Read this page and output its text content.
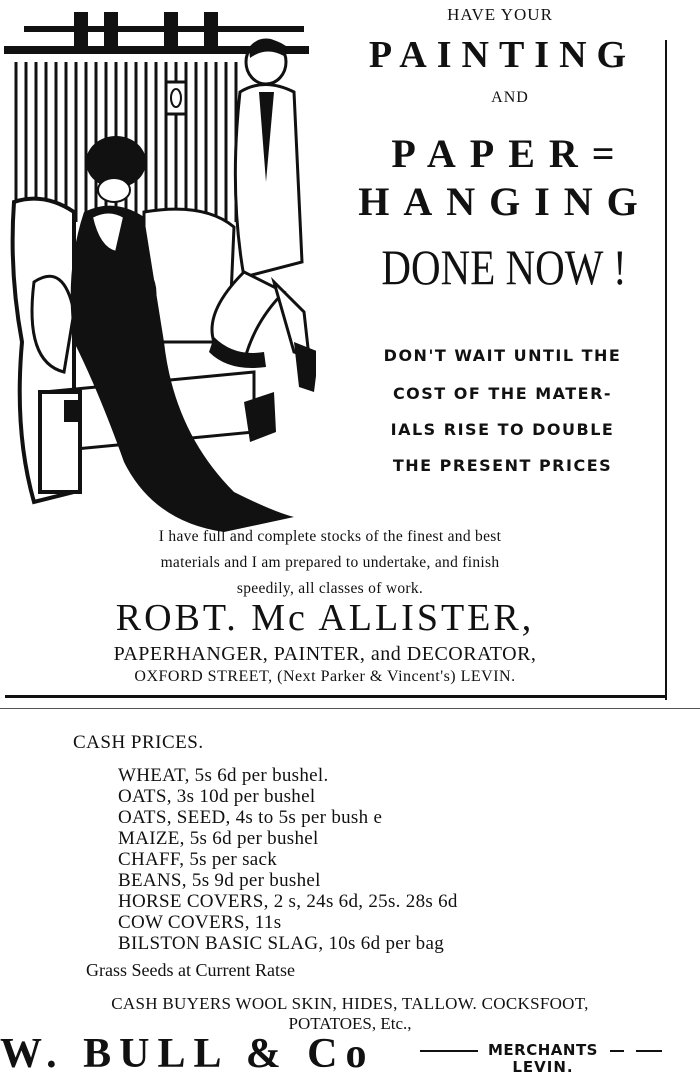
HAVE YOUR
PAINTING
AND
PAPER=
HANGING
DONE NOW !
DON'T WAIT UNTIL THE
COST OF THE MATER-
IALS RISE TO DOUBLE
THE PRESENT PRICES
I have full and complete stocks of the finest and best
materials and I am prepared to undertake, and finish
speedily, all classes of work.
ROBT. Mc ALLISTER,
PAPERHANGER, PAINTER, and DECORATOR,
OXFORD STREET, (Next Parker & Vincent's) LEVIN.
CASH PRICES.
WHEAT, 5s 6d per bushel.
OATS, 3s 10d per bushel
OATS, SEED, 4s to 5s per bush e
MAIZE, 5s 6d per bushel
CHAFF, 5s per sack
BEANS, 5s 9d per bushel
HORSE COVERS, 2 s, 24s 6d, 25s. 28s 6d
COW COVERS, 11s
BILSTON BASIC SLAG, 10s 6d per bag
Grass Seeds at Current Ratse
CASH BUYERS WOOL SKIN, HIDES, TALLOW. COCKSFOOT,
POTATOES, Etc.,
W. BULL & Co	MERCHANTS
LEVIN.
